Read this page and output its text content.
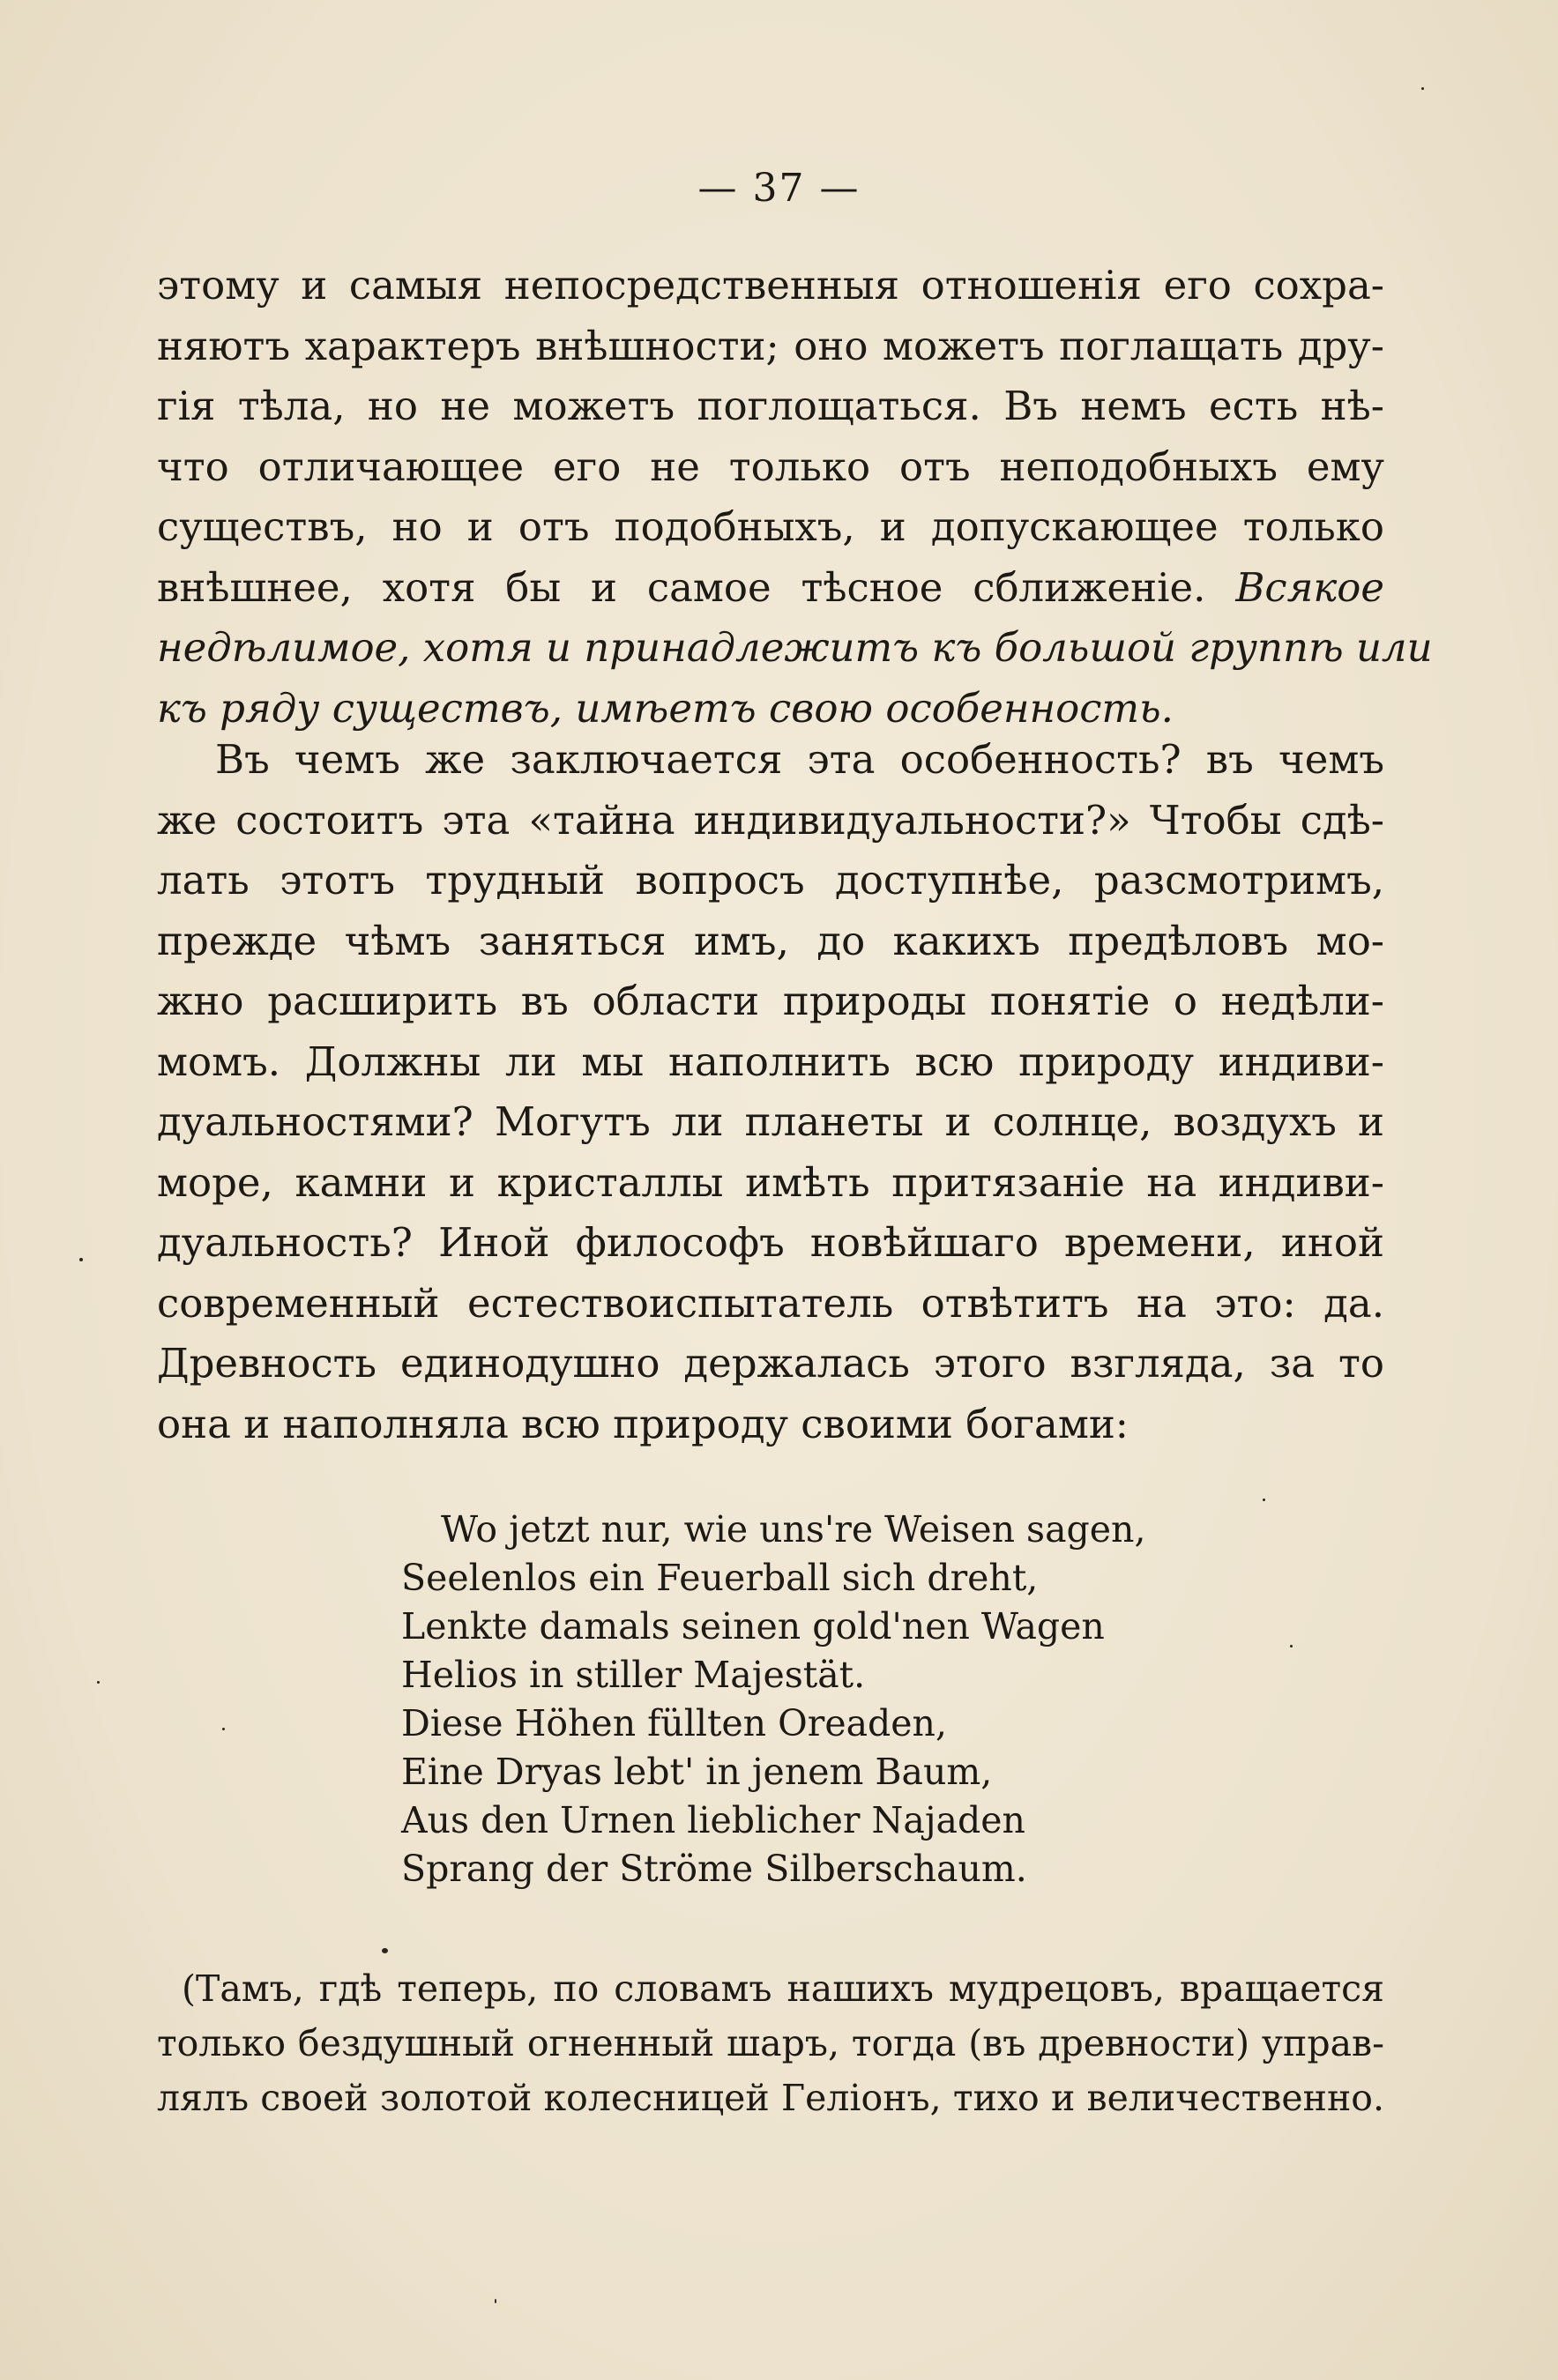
— 37 —
этому и самыя непосредственныя отношенія его сохра-
няютъ характеръ внѣшности; оно можетъ поглащать дру-
гія тѣла, но не можетъ поглощаться. Въ немъ есть нѣ-
что отличающее его не только отъ неподобныхъ ему
существъ, но и отъ подобныхъ, и допускающее только
внѣшнее, хотя бы и самое тѣсное сближеніе. Всякое
недѣлимое, хотя и принадлежитъ къ большой группѣ или
къ ряду существъ, имѣетъ свою особенность.
Въ чемъ же заключается эта особенность? въ чемъ
же состоитъ эта «тайна индивидуальности?» Чтобы сдѣ-
лать этотъ трудный вопросъ доступнѣе, разсмотримъ,
прежде чѣмъ заняться имъ, до какихъ предѣловъ мо-
жно расширить въ области природы понятіе о недѣли-
момъ. Должны ли мы наполнить всю природу индиви-
дуальностями? Могутъ ли планеты и солнце, воздухъ и
море, камни и кристаллы имѣть притязаніе на индиви-
дуальность? Иной философъ новѣйшаго времени, иной
современный естествоиспытатель отвѣтитъ на это: да.
Древность единодушно держалась этого взгляда, за то
она и наполняла всю природу своими богами:
Wo jetzt nur, wie uns're Weisen sagen,
Seelenlos ein Feuerball sich dreht,
Lenkte damals seinen gold'nen Wagen
Helios in stiller Majestät.
Diese Höhen füllten Oreaden,
Eine Dryas lebt' in jenem Baum,
Aus den Urnen lieblicher Najaden
Sprang der Ströme Silberschaum.
(Тамъ, гдѣ теперь, по словамъ нашихъ мудрецовъ, вращается
только бездушный огненный шаръ, тогда (въ древности) управ-
лялъ своей золотой колесницей Геліонъ, тихо и величественно.
